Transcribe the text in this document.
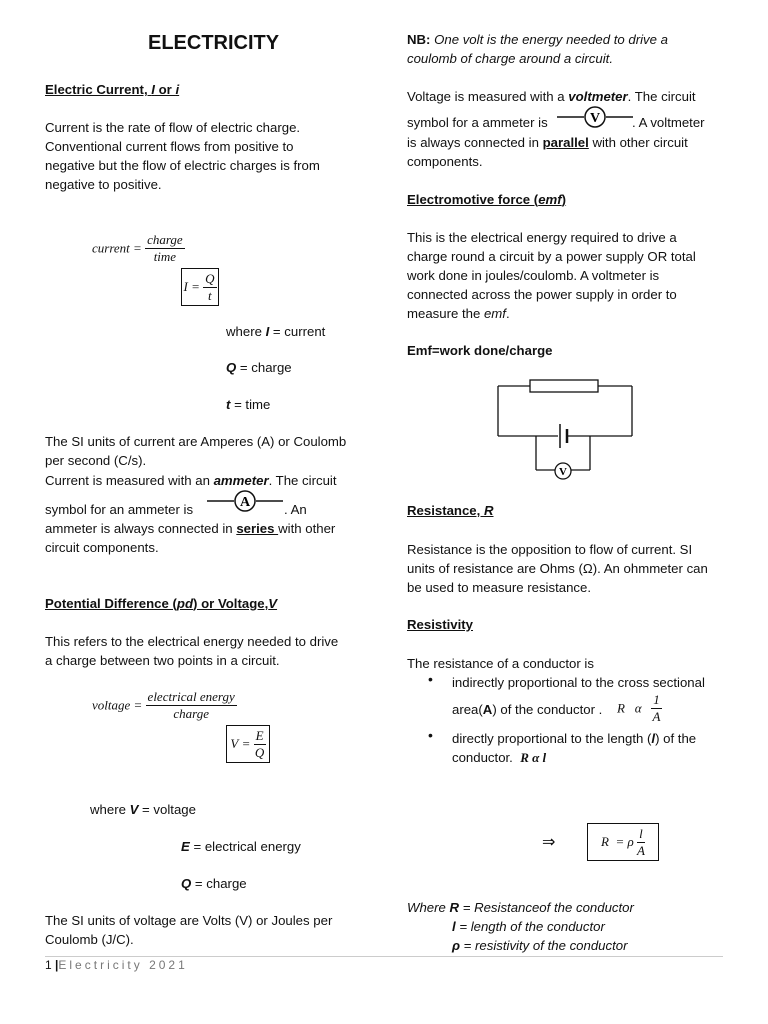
ELECTRICITY
Electric Current, I or i
Current is the rate of flow of electric charge.
Conventional current flows from positive to
negative but the flow of electric charges is from
negative to positive.
current = $\frac{\text{charge}}{\text{time}}$
$I = \frac{Q}{t}$
where I = current
Q = charge
t = time
The SI units of current are Amperes (A) or Coulomb
per second (C/s).
Current is measured with an ammeter. The circuit
symbol for an ammeter is	A	. An
ammeter is always connected in series with other
circuit components.
Potential Difference (pd) or Voltage,V
This refers to the electrical energy needed to drive
a charge between two points in a circuit.
voltage = $\frac{\text{electrical energy}}{\text{charge}}$
$V = \frac{E}{Q}$
where V = voltage
E = electrical energy
Q = charge
The SI units of voltage are Volts (V) or Joules per
Coulomb (J/C).
NB: One volt is the energy needed to drive a
coulomb of charge around a circuit.
Voltage is measured with a voltmeter. The circuit
symbol for a ammeter is	V . A voltmeter
is always connected in parallel with other circuit
components.
Electromotive force (emf)
This is the electrical energy required to drive a
charge round a circuit by a power supply OR total
work done in joules/coulomb. A voltmeter is
connected across the power supply in order to
measure the emf.
Emf=work done/charge
V
Resistance, R
Resistance is the opposition to flow of current. SI
units of resistance are Ohms (Ω). An ohmmeter can
be used to measure resistance.
Resistivity
The resistance of a conductor is
• indirectly proportional to the cross sectional
area(A) of the conductor . R α $\frac{1}{A}$
• directly proportional to the length (l) of the
conductor. R α l
⇒	R
=
ρ
$\frac{l}{A}$
Where R = Resistanceof the conductor
l = length of the conductor
ρ = resistivity of the conductor
1 |Electricity 2021
